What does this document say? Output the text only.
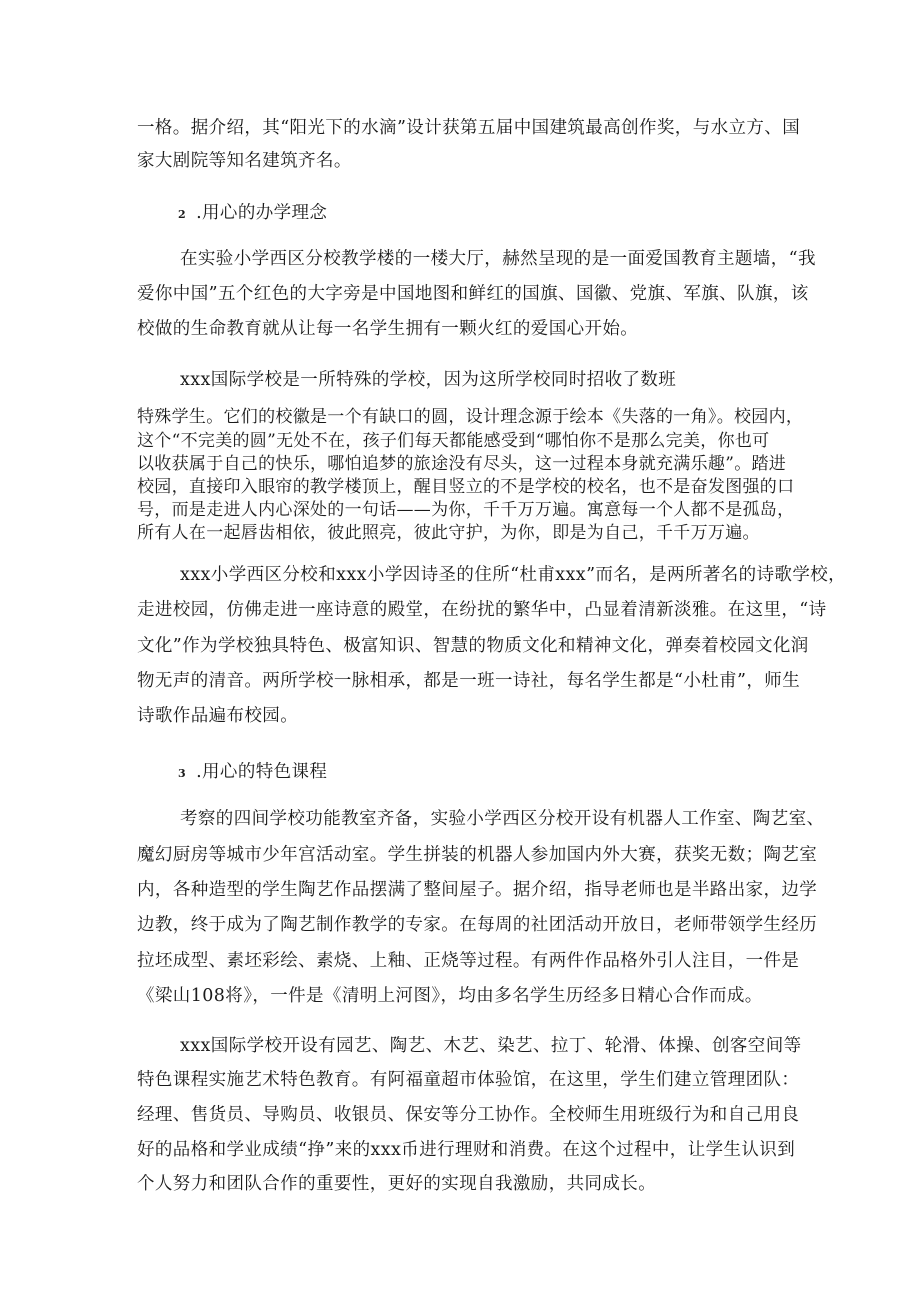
一格。据介绍，其“阳光下的水滴”设计获第五届中国建筑最高创作奖，与水立方、国
家大剧院等知名建筑齐名。
2 .用心的办学理念
在实验小学西区分校教学楼的一楼大厅，赫然呈现的是一面爱国教育主题墙，“我
爱你中国”五个红色的大字旁是中国地图和鲜红的国旗、国徽、党旗、军旗、队旗，该
校做的生命教育就从让每一名学生拥有一颗火红的爱国心开始。
xxx国际学校是一所特殊的学校，因为这所学校同时招收了数班
特殊学生。它们的校徽是一个有缺口的圆，设计理念源于绘本《失落的一角》。校园内，
这个“不完美的圆”无处不在，孩子们每天都能感受到“哪怕你不是那么完美，你也可
以收获属于自己的快乐，哪怕追梦的旅途没有尽头，这一过程本身就充满乐趣”。踏进
校园，直接印入眼帘的教学楼顶上，醒目竖立的不是学校的校名，也不是奋发图强的口
号，而是走进人内心深处的一句话——为你，千千万万遍。寓意每一个人都不是孤岛，
所有人在一起唇齿相依，彼此照亮，彼此守护，为你，即是为自己，千千万万遍。
xxx小学西区分校和xxx小学因诗圣的住所“杜甫xxx”而名，是两所著名的诗歌学校，
走进校园，仿佛走进一座诗意的殿堂，在纷扰的繁华中，凸显着清新淡雅。在这里，“诗
文化”作为学校独具特色、极富知识、智慧的物质文化和精神文化，弹奏着校园文化润
物无声的清音。两所学校一脉相承，都是一班一诗社，每名学生都是“小杜甫”，师生
诗歌作品遍布校园。
3 .用心的特色课程
考察的四间学校功能教室齐备，实验小学西区分校开设有机器人工作室、陶艺室、
魔幻厨房等城市少年宫活动室。学生拼装的机器人参加国内外大赛，获奖无数；陶艺室
内，各种造型的学生陶艺作品摆满了整间屋子。据介绍，指导老师也是半路出家，边学
边教，终于成为了陶艺制作教学的专家。在每周的社团活动开放日，老师带领学生经历
拉坯成型、素坯彩绘、素烧、上釉、正烧等过程。有两件作品格外引人注目，一件是
《梁山108将》，一件是《清明上河图》，均由多名学生历经多日精心合作而成。
xxx国际学校开设有园艺、陶艺、木艺、染艺、拉丁、轮滑、体操、创客空间等
特色课程实施艺术特色教育。有阿福童超市体验馆，在这里，学生们建立管理团队：
经理、售货员、导购员、收银员、保安等分工协作。全校师生用班级行为和自己用良
好的品格和学业成绩“挣”来的xxx币进行理财和消费。在这个过程中，让学生认识到
个人努力和团队合作的重要性，更好的实现自我激励，共同成长。
